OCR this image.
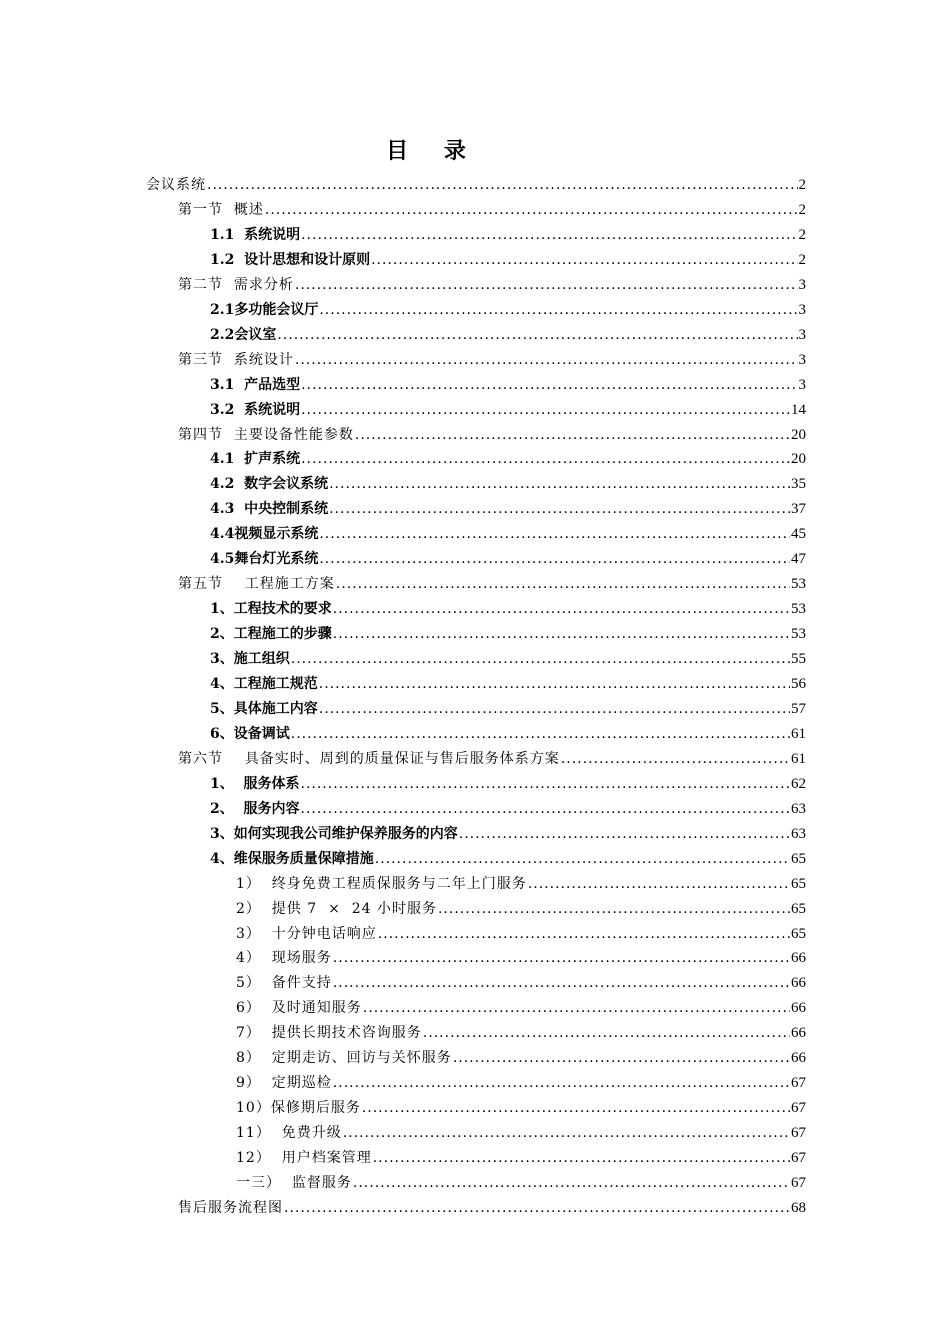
目 录
会议系统 .....	2
第一节  概述 .....	2
1.1  系统说明 .....	2
1.2  设计思想和设计原则 .....	2
第二节  需求分析 .....	3
2.1多功能会议厅 .....	3
2.2会议室 .....	3
第三节  系统设计 .....	3
3.1  产品选型 .....	3
3.2  系统说明 .....	14
第四节  主要设备性能参数 .....	20
4.1  扩声系统 .....	20
4.2  数字会议系统 .....	35
4.3  中央控制系统 .....	37
4.4视频显示系统 .....	45
4.5舞台灯光系统 .....	47
第五节    工程施工方案 .....	53
1、工程技术的要求 .....	53
2、工程施工的步骤 .....	53
3、施工组织 .....	55
4、工程施工规范 .....	56
5、具体施工内容 .....	57
6、设备调试 .....	61
第六节    具备实时、周到的质量保证与售后服务体系方案 .....	61
1、  服务体系 .....	62
2、  服务内容 .....	63
3、如何实现我公司维护保养服务的内容 .....	63
4、维保服务质量保障措施 .....	65
1）  终身免费工程质保服务与二年上门服务 .....	65
2）  提供 7  ×  24 小时服务 .....	65
3）  十分钟电话响应 .....	65
4）  现场服务 .....	66
5）  备件支持 .....	66
6）  及时通知服务 .....	66
7）  提供长期技术咨询服务 .....	66
8）  定期走访、回访与关怀服务 .....	66
9）  定期巡检 .....	67
10）保修期后服务 .....	67
11）  免费升级 .....	67
12）  用户档案管理 .....	67
一三）  监督服务 .....	67
售后服务流程图 .....	68
